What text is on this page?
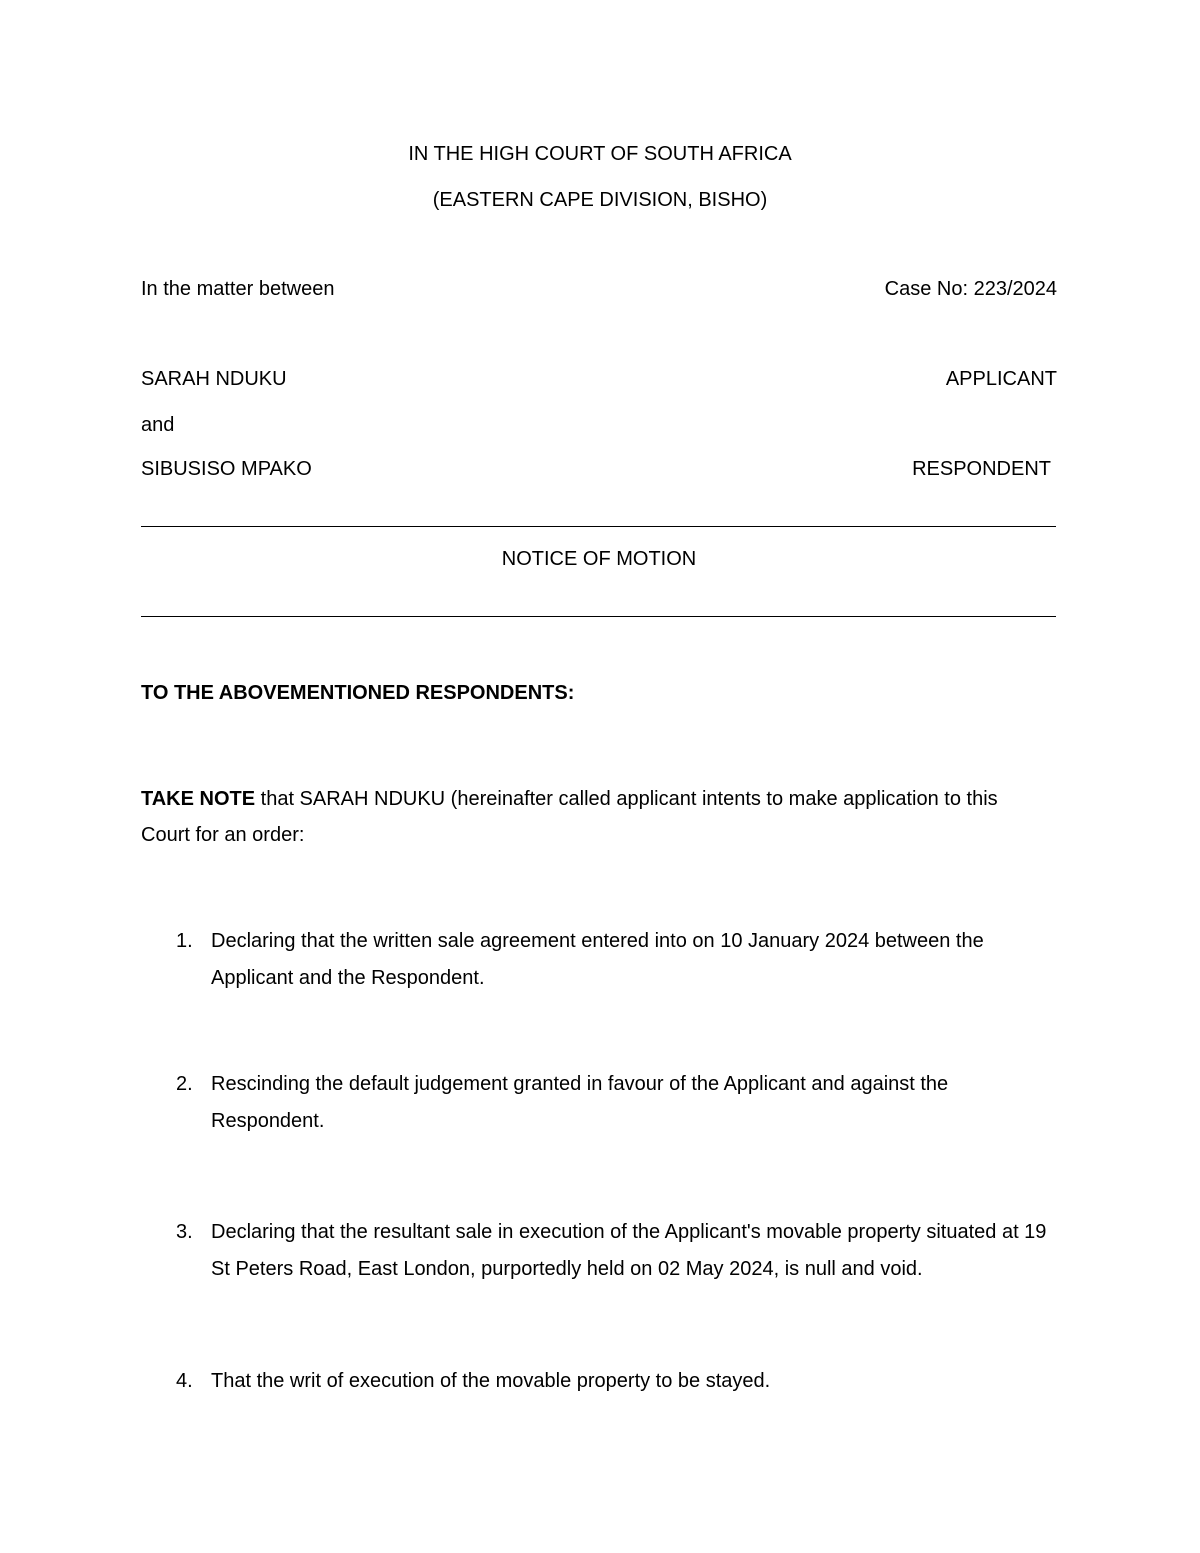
IN THE HIGH COURT OF SOUTH AFRICA
(EASTERN CAPE DIVISION, BISHO)
In the matter between	Case No: 223/2024
SARAH NDUKU	APPLICANT
and
SIBUSISO MPAKO	RESPONDENT
NOTICE OF MOTION
TO THE ABOVEMENTIONED RESPONDENTS:
TAKE NOTE that SARAH NDUKU (hereinafter called applicant intents to make application to this Court for an order:
1. Declaring that the written sale agreement entered into on 10 January 2024 between the Applicant and the Respondent.
2. Rescinding the default judgement granted in favour of the Applicant and against the Respondent.
3. Declaring that the resultant sale in execution of the Applicant's movable property situated at 19 St Peters Road, East London, purportedly held on 02 May 2024, is null and void.
4. That the writ of execution of the movable property to be stayed.
